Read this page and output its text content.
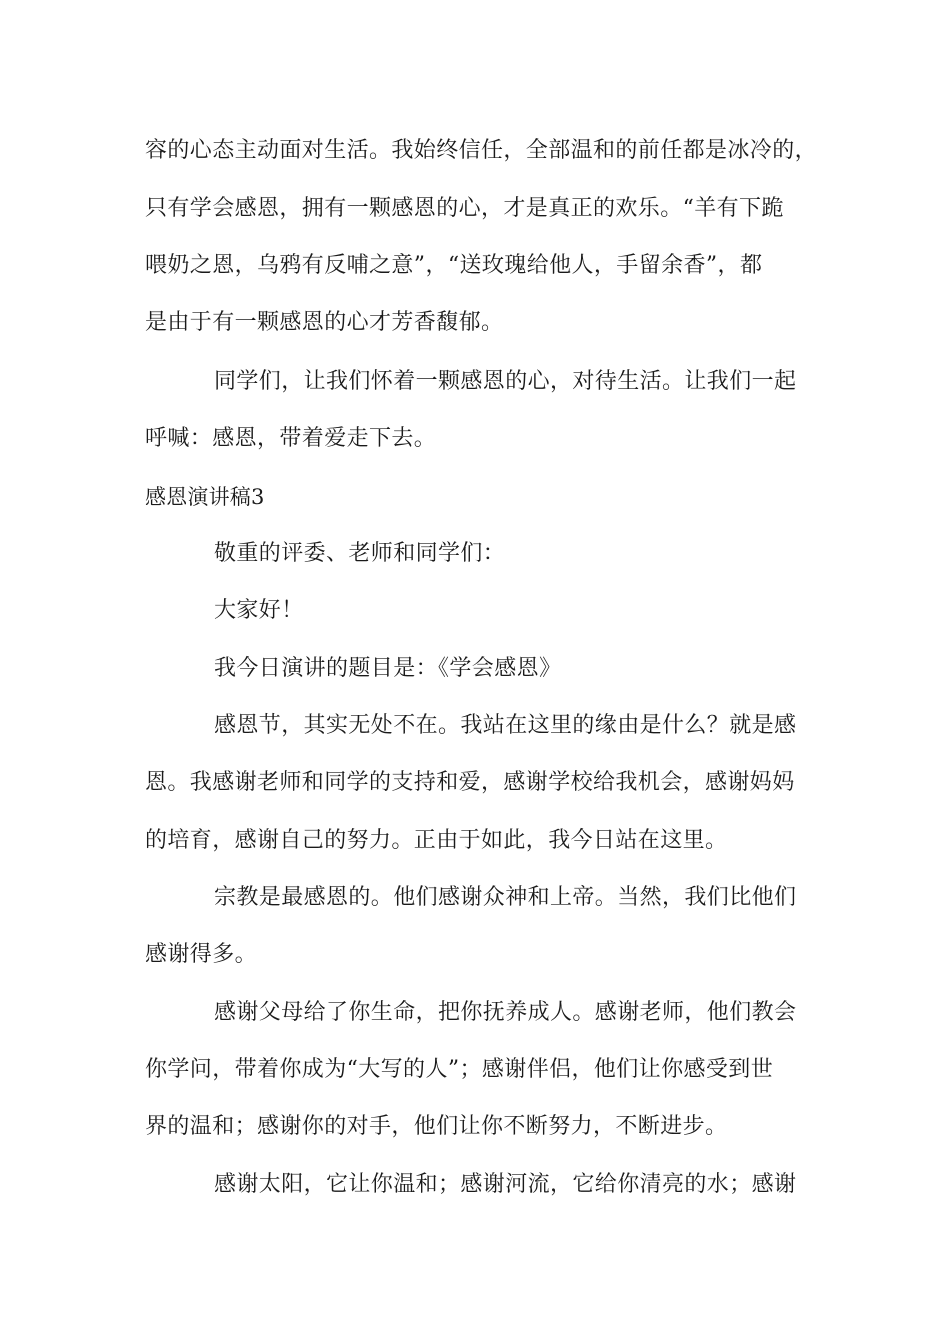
容的心态主动面对生活。我始终信任，全部温和的前任都是冰冷的，
只有学会感恩，拥有一颗感恩的心，才是真正的欢乐。“羊有下跪
喂奶之恩，乌鸦有反哺之意”，“送玫瑰给他人，手留余香”，都
是由于有一颗感恩的心才芳香馥郁。
同学们，让我们怀着一颗感恩的心，对待生活。让我们一起
呼喊：感恩，带着爱走下去。
感恩演讲稿3
敬重的评委、老师和同学们：
大家好！
我今日演讲的题目是：《学会感恩》
感恩节，其实无处不在。我站在这里的缘由是什么？就是感
恩。我感谢老师和同学的支持和爱，感谢学校给我机会，感谢妈妈
的培育，感谢自己的努力。正由于如此，我今日站在这里。
宗教是最感恩的。他们感谢众神和上帝。当然，我们比他们
感谢得多。
感谢父母给了你生命，把你抚养成人。感谢老师，他们教会
你学问，带着你成为“大写的人”；感谢伴侣，他们让你感受到世
界的温和；感谢你的对手，他们让你不断努力，不断进步。
感谢太阳，它让你温和；感谢河流，它给你清亮的水；感谢
